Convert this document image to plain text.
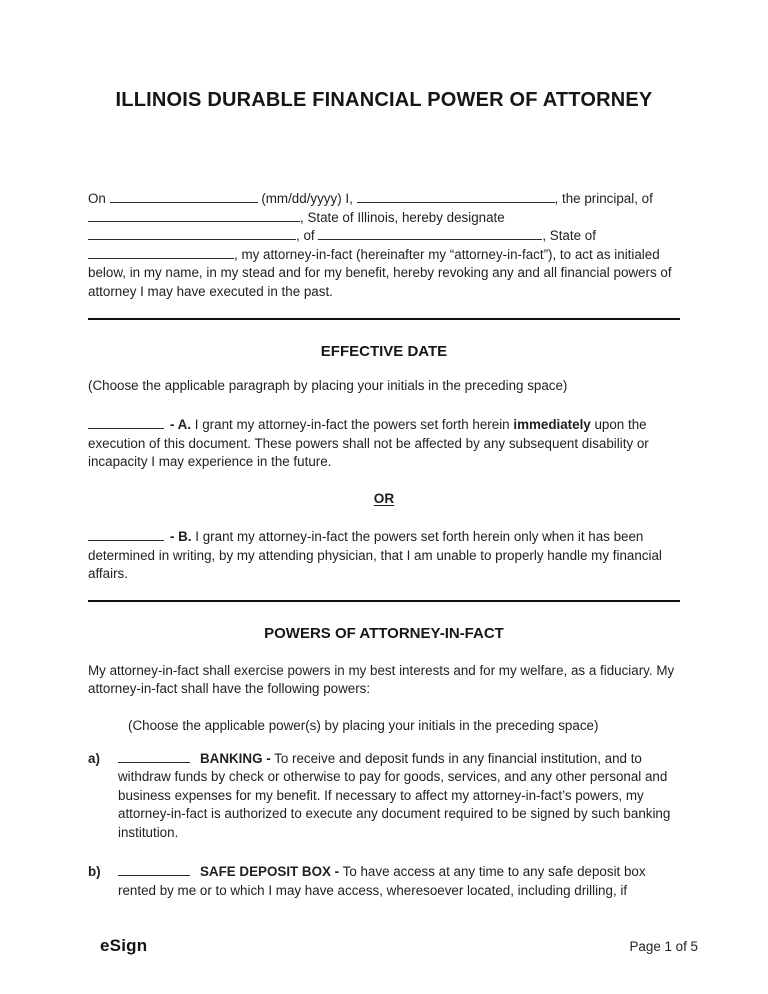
ILLINOIS DURABLE FINANCIAL POWER OF ATTORNEY

On	(mm/dd/yyyy) I,	, the principal, of , State of Illinois, hereby designate , of	, State of , my attorney-in-fact (hereinafter my “attorney-in-fact”), to act as initialed below, in my name, in my stead and for my benefit, hereby revoking any and all financial powers of attorney I may have executed in the past.

EFFECTIVE DATE

(Choose the applicable paragraph by placing your initials in the preceding space)

- A. I grant my attorney-in-fact the powers set forth herein immediately upon the execution of this document. These powers shall not be affected by any subsequent disability or incapacity I may experience in the future.

OR

- B. I grant my attorney-in-fact the powers set forth herein only when it has been determined in writing, by my attending physician, that I am unable to properly handle my financial affairs.

POWERS OF ATTORNEY-IN-FACT

My attorney-in-fact shall exercise powers in my best interests and for my welfare, as a fiduciary. My attorney-in-fact shall have the following powers:

(Choose the applicable power(s) by placing your initials in the preceding space)

a)	BANKING - To receive and deposit funds in any financial institution, and to withdraw funds by check or otherwise to pay for goods, services, and any other personal and business expenses for my benefit. If necessary to affect my attorney-in-fact’s powers, my attorney-in-fact is authorized to execute any document required to be signed by such banking institution.
b)	SAFE DEPOSIT BOX - To have access at any time to any safe deposit box rented by me or to which I may have access, wheresoever located, including drilling, if
eSign	Page 1 of 5
